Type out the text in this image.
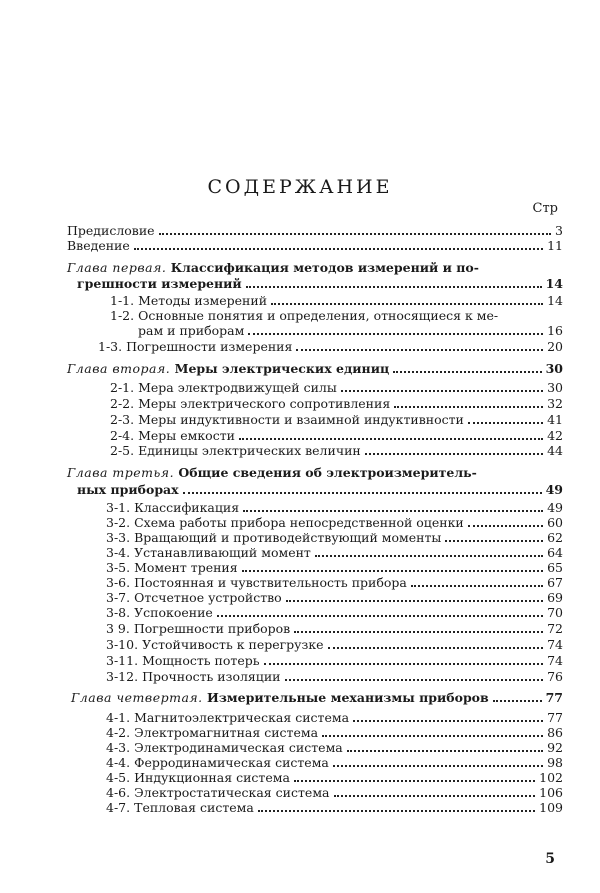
СОДЕРЖАНИЕ
Стр
Предисловие	3
Введение	11
Глава первая. Классификация методов измерений и по-
грешности измерений	14
1-1. Методы измерений	14
1-2. Основные понятия и определения, относящиеся к ме-
рам и приборам	16
1-3. Погрешности измерения	20
Глава вторая. Меры электрических единиц	30
2-1. Мера электродвижущей силы	30
2-2. Меры электрического сопротивления	32
2-3. Меры индуктивности и взаимной индуктивности	41
2-4. Меры емкости	42
2-5. Единицы электрических величин	44
Глава третья. Общие сведения об электроизмеритель-
ных приборах	49
3-1. Классификация	49
3-2. Схема работы прибора непосредственной оценки	60
3-3. Вращающий и противодействующий моменты	62
3-4. Устанавливающий момент	64
3-5. Момент трения	65
3-6. Постоянная и чувствительность прибора	67
3-7. Отсчетное устройство	69
3-8. Успокоение	70
3 9. Погрешности приборов	72
3-10. Устойчивость к перегрузке	74
3-11. Мощность потерь	74
3-12. Прочность изоляции	76
Глава четвертая. Измерительные механизмы приборов	77
4-1. Магнитоэлектрическая система	77
4-2. Электромагнитная система	86
4-3. Электродинамическая система	92
4-4. Ферродинамическая система	98
4-5. Индукционная система	102
4-6. Электростатическая система	106
4-7. Тепловая система	109
5
